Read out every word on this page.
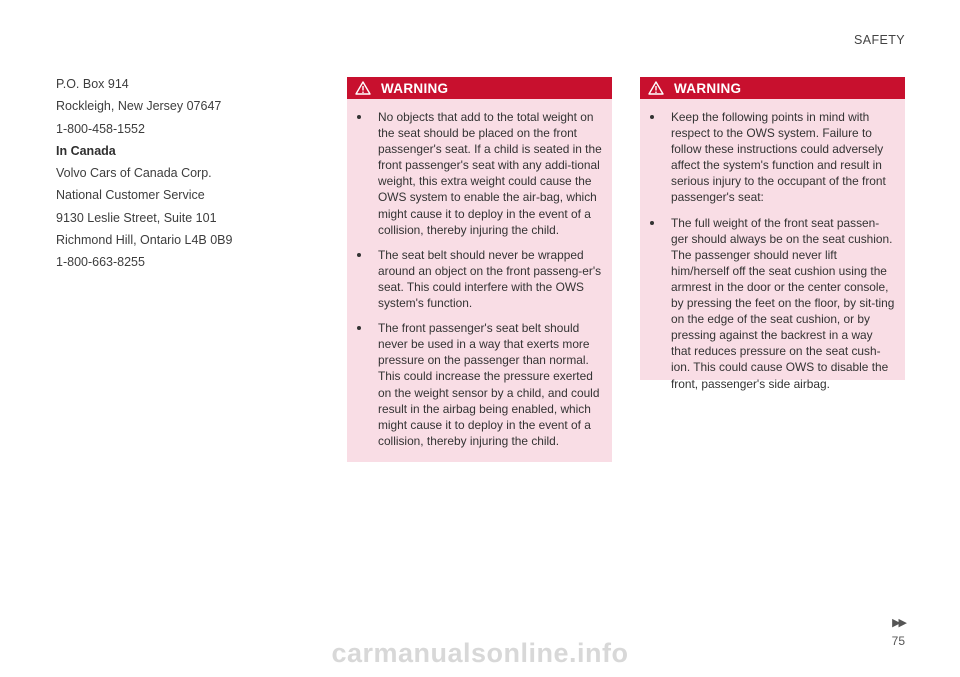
SAFETY
P.O. Box 914
Rockleigh, New Jersey 07647
1-800-458-1552
In Canada
Volvo Cars of Canada Corp.
National Customer Service
9130 Leslie Street, Suite 101
Richmond Hill, Ontario L4B 0B9
1-800-663-8255
WARNING
No objects that add to the total weight on the seat should be placed on the front passenger's seat. If a child is seated in the front passenger's seat with any addi-tional weight, this extra weight could cause the OWS system to enable the air-bag, which might cause it to deploy in the event of a collision, thereby injuring the child.
The seat belt should never be wrapped around an object on the front passeng-er's seat. This could interfere with the OWS system's function.
The front passenger's seat belt should never be used in a way that exerts more pressure on the passenger than normal. This could increase the pressure exerted on the weight sensor by a child, and could result in the airbag being enabled, which might cause it to deploy in the event of a collision, thereby injuring the child.
WARNING
Keep the following points in mind with respect to the OWS system. Failure to follow these instructions could adversely affect the system's function and result in serious injury to the occupant of the front passenger's seat:
The full weight of the front seat passen-ger should always be on the seat cushion. The passenger should never lift him/herself off the seat cushion using the armrest in the door or the center console, by pressing the feet on the floor, by sit-ting on the edge of the seat cushion, or by pressing against the backrest in a way that reduces pressure on the seat cush-ion. This could cause OWS to disable the front, passenger's side airbag.
▶▶
75
carmanualsonline.info
